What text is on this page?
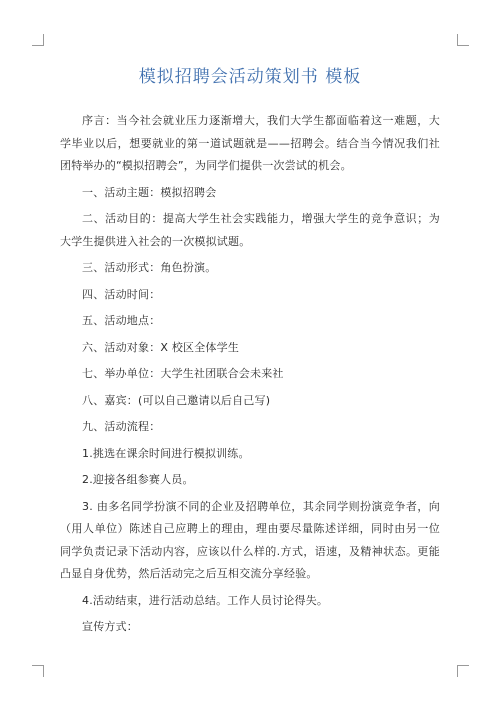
模拟招聘会活动策划书 模板

序言：当今社会就业压力逐渐增大，我们大学生都面临着这一难题，大学毕业以后，想要就业的第一道试题就是——招聘会。结合当今情况我们社团特举办的“模拟招聘会”，为同学们提供一次尝试的机会。

一、活动主题：模拟招聘会

二、活动目的：提高大学生社会实践能力，增强大学生的竞争意识；为大学生提供进入社会的一次模拟试题。

三、活动形式：角色扮演。

四、活动时间：

五、活动地点：

六、活动对象：X 校区全体学生

七、举办单位：大学生社团联合会未来社

八、嘉宾：(可以自己邀请以后自己写)

九、活动流程：

1.挑选在课余时间进行模拟训练。

2.迎接各组参赛人员。

3. 由多名同学扮演不同的企业及招聘单位，其余同学则扮演竞争者，向（用人单位）陈述自己应聘上的理由，理由要尽量陈述详细，同时由另一位同学负责记录下活动内容，应该以什么样的.方式，语速，及精神状态。更能凸显自身优势，然后活动完之后互相交流分享经验。

4.活动结束，进行活动总结。工作人员讨论得失。

宣传方式：
